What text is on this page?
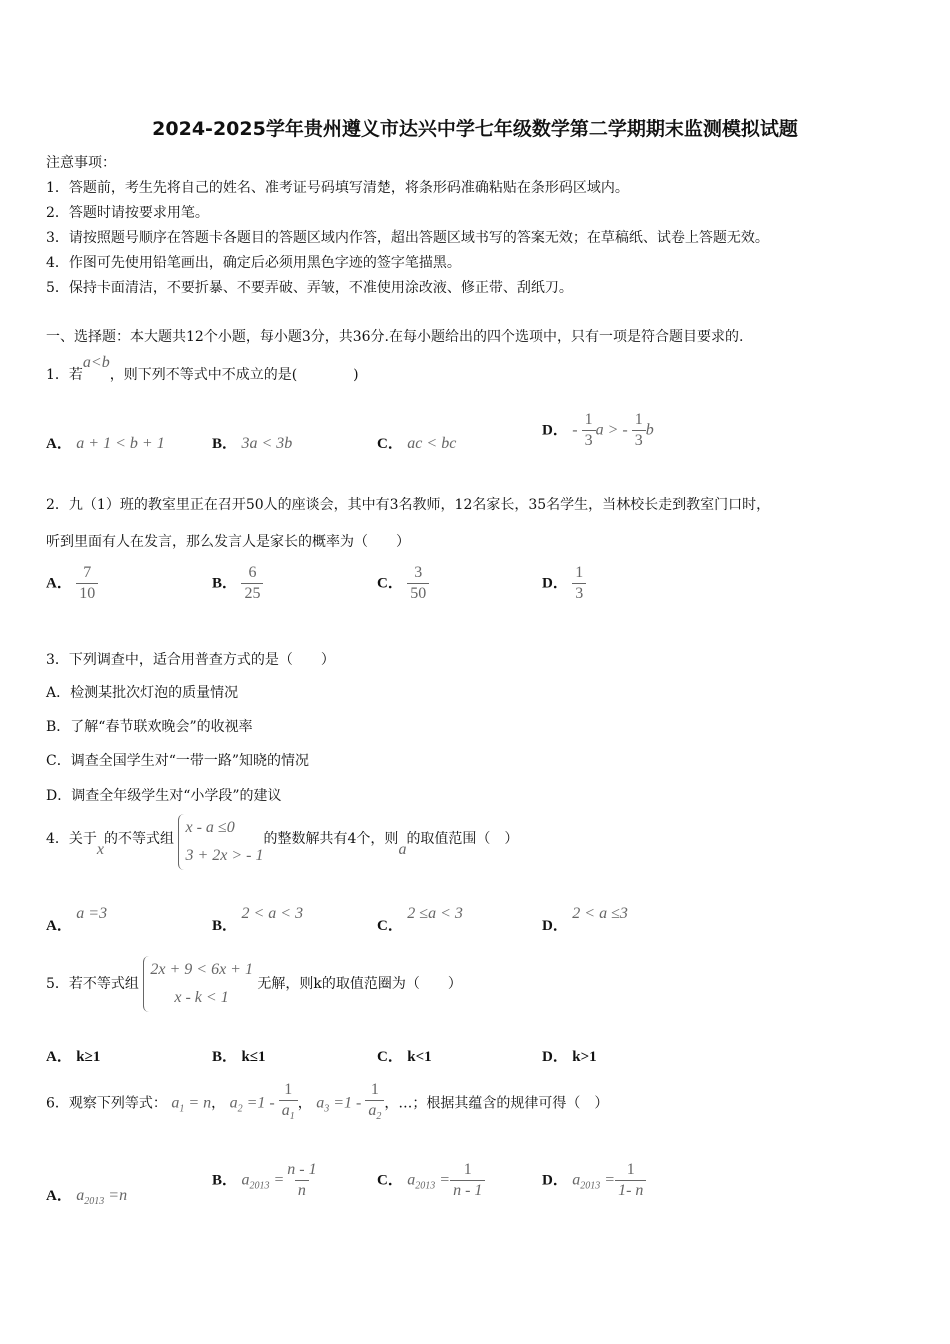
2024-2025学年贵州遵义市达兴中学七年级数学第二学期期末监测模拟试题
注意事项：
1．答题前，考生先将自己的姓名、准考证号码填写清楚，将条形码准确粘贴在条形码区域内。
2．答题时请按要求用笔。
3．请按照题号顺序在答题卡各题目的答题区域内作答，超出答题区域书写的答案无效；在草稿纸、试卷上答题无效。
4．作图可先使用铅笔画出，确定后必须用黑色字迹的签字笔描黑。
5．保持卡面清洁，不要折暴、不要弄破、弄皱，不准使用涂改液、修正带、刮纸刀。
一、选择题：本大题共12个小题，每小题3分，共36分.在每小题给出的四个选项中，只有一项是符合题目要求的.
1．若a<b，则下列不等式中不成立的是(　　　　)
A． a + 1 < b + 1	B． 3a < 3b	C． ac < bc
D． - $\frac{1}{3}$ a > - $\frac{1}{3}$ b
2．九（1）班的教室里正在召开50人的座谈会，其中有3名教师，12名家长，35名学生，当林校长走到教室门口时，
听到里面有人在发言，那么发言人是家长的概率为（　　）
A． $\frac{7}{10}$	B． $\frac{6}{25}$	C． $\frac{3}{50}$	D． $\frac{1}{3}$
3．下列调查中，适合用普查方式的是（　　）
A．检测某批次灯泡的质量情况
B．了解“春节联欢晚会”的收视率
C．调查全国学生对“一带一路”知晓的情况
D．调查全年级学生对“小学段”的建议
4．关于x的不等式组 x - a ≤0
3 + 2x > - 1的整数解共有4个，则a的取值范围（　）
A． a =3
B． 2 < a < 3
C． 2 ≤a < 3
D． 2 < a ≤3
5．若不等式组 2x + 9 < 6x + 1
x - k < 1 无解，则k的取值范圈为（　　）
A． k≥1	B． k≤1	C． k<1	D． k>1
6．观察下列等式： $a_1 = n$， $a_2 =1 - \frac{1}{a_1}$ ， $a_3 =1 - \frac{1}{a_2}$ ，…；根据其蕴含的规律可得（　）
A． $a_{2013} =n$
B． $a_{2013} = \frac{n - 1}{n}$	C． $a_{2013} = \frac{1}{n - 1}$	D． $a_{2013} = \frac{1}{1- n}$
